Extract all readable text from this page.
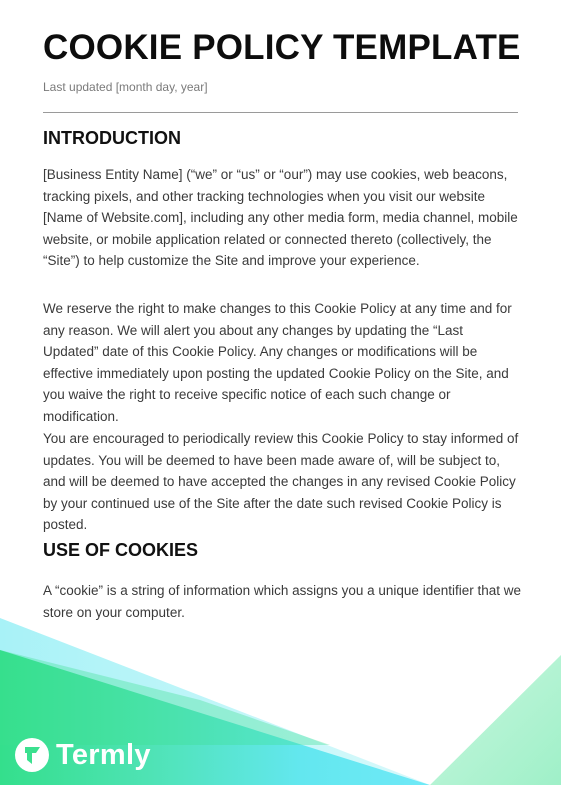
COOKIE POLICY TEMPLATE

Last updated [month day, year]

INTRODUCTION

[Business Entity Name] (“we” or “us” or “our”) may use cookies, web beacons, tracking pixels, and other tracking technologies when you visit our website [Name of Website.com], including any other media form, media channel, mobile website, or mobile application related or connected thereto (collectively, the “Site”) to help customize the Site and improve your experience.

We reserve the right to make changes to this Cookie Policy at any time and for any reason. We will alert you about any changes by updating the “Last Updated” date of this Cookie Policy. Any changes or modifications will be effective immediately upon posting the updated Cookie Policy on the Site, and you waive the right to receive specific notice of each such change or modification.

You are encouraged to periodically review this Cookie Policy to stay informed of updates. You will be deemed to have been made aware of, will be subject to, and will be deemed to have accepted the changes in any revised Cookie Policy by your continued use of the Site after the date such revised Cookie Policy is posted.

USE OF COOKIES

A “cookie” is a string of information which assigns you a unique identifier that we store on your computer.

Termly
